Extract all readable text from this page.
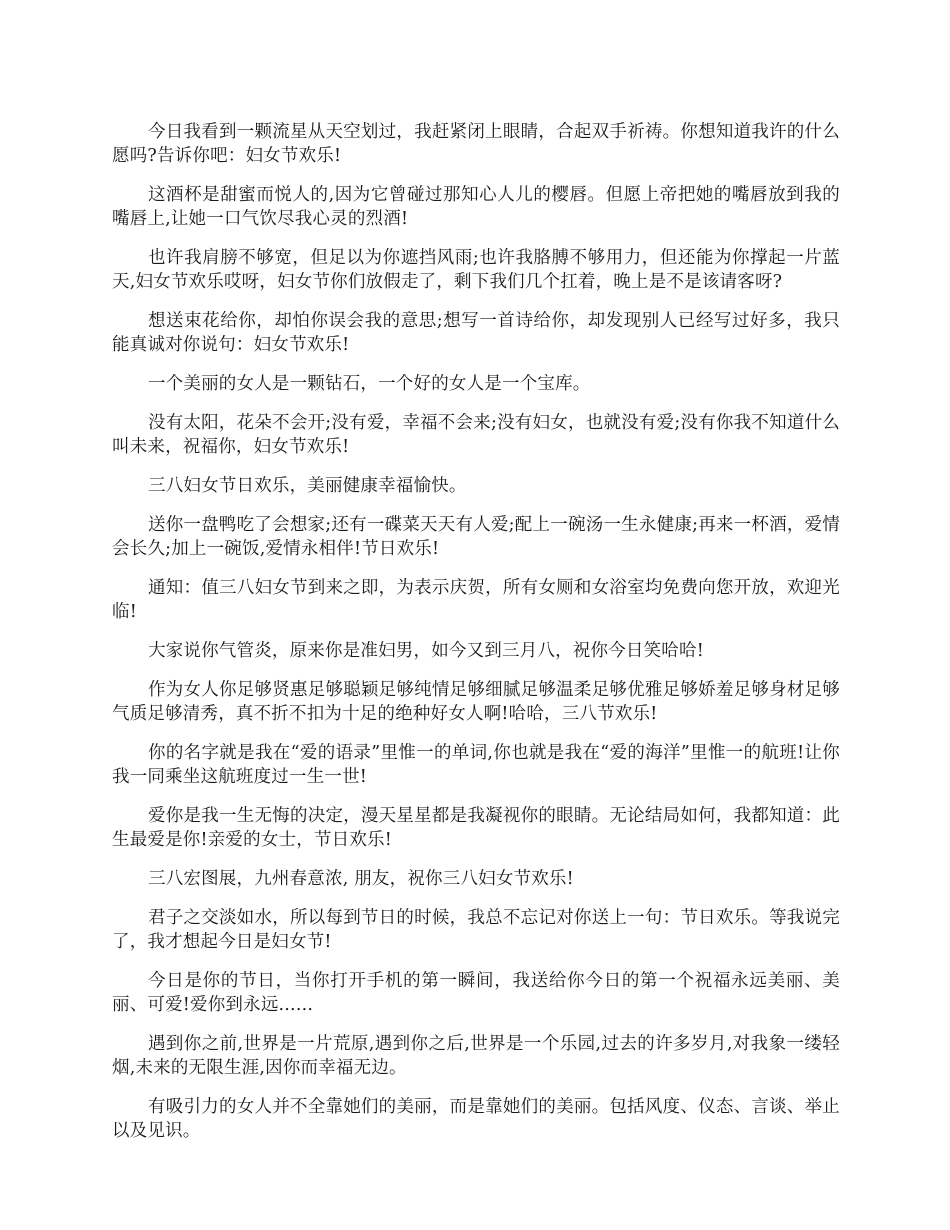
今日我看到一颗流星从天空划过，我赶紧闭上眼睛，合起双手祈祷。你想知道我许的什么愿吗?告诉你吧：妇女节欢乐!

这酒杯是甜蜜而悦人的,因为它曾碰过那知心人儿的樱唇。但愿上帝把她的嘴唇放到我的嘴唇上,让她一口气饮尽我心灵的烈酒!

也许我肩膀不够宽，但足以为你遮挡风雨;也许我胳膊不够用力，但还能为你撑起一片蓝天,妇女节欢乐哎呀，妇女节你们放假走了，剩下我们几个扛着，晚上是不是该请客呀?

想送束花给你，却怕你误会我的意思;想写一首诗给你，却发现别人已经写过好多，我只能真诚对你说句：妇女节欢乐!

一个美丽的女人是一颗钻石，一个好的女人是一个宝库。

没有太阳，花朵不会开;没有爱，幸福不会来;没有妇女，也就没有爱;没有你我不知道什么叫未来，祝福你，妇女节欢乐!

三八妇女节日欢乐，美丽健康幸福愉快。

送你一盘鸭吃了会想家;还有一碟菜天天有人爱;配上一碗汤一生永健康;再来一杯酒，爱情会长久;加上一碗饭,爱情永相伴!节日欢乐!

通知：值三八妇女节到来之即，为表示庆贺，所有女厕和女浴室均免费向您开放，欢迎光临!

大家说你气管炎，原来你是准妇男，如今又到三月八，祝你今日笑哈哈!

作为女人你足够贤惠足够聪颖足够纯情足够细腻足够温柔足够优雅足够娇羞足够身材足够气质足够清秀，真不折不扣为十足的绝种好女人啊!哈哈，三八节欢乐!

你的名字就是我在“爱的语录”里惟一的单词,你也就是我在“爱的海洋”里惟一的航班!让你我一同乘坐这航班度过一生一世!

爱你是我一生无悔的决定，漫天星星都是我凝视你的眼睛。无论结局如何，我都知道：此生最爱是你!亲爱的女士，节日欢乐!

三八宏图展，九州春意浓, 朋友，祝你三八妇女节欢乐!

君子之交淡如水，所以每到节日的时候，我总不忘记对你送上一句：节日欢乐。等我说完了，我才想起今日是妇女节!

今日是你的节日，当你打开手机的第一瞬间，我送给你今日的第一个祝福永远美丽、美丽、可爱!爱你到永远......

遇到你之前,世界是一片荒原,遇到你之后,世界是一个乐园,过去的许多岁月,对我象一缕轻烟,未来的无限生涯,因你而幸福无边。

有吸引力的女人并不全靠她们的美丽，而是靠她们的美丽。包括风度、仪态、言谈、举止以及见识。
